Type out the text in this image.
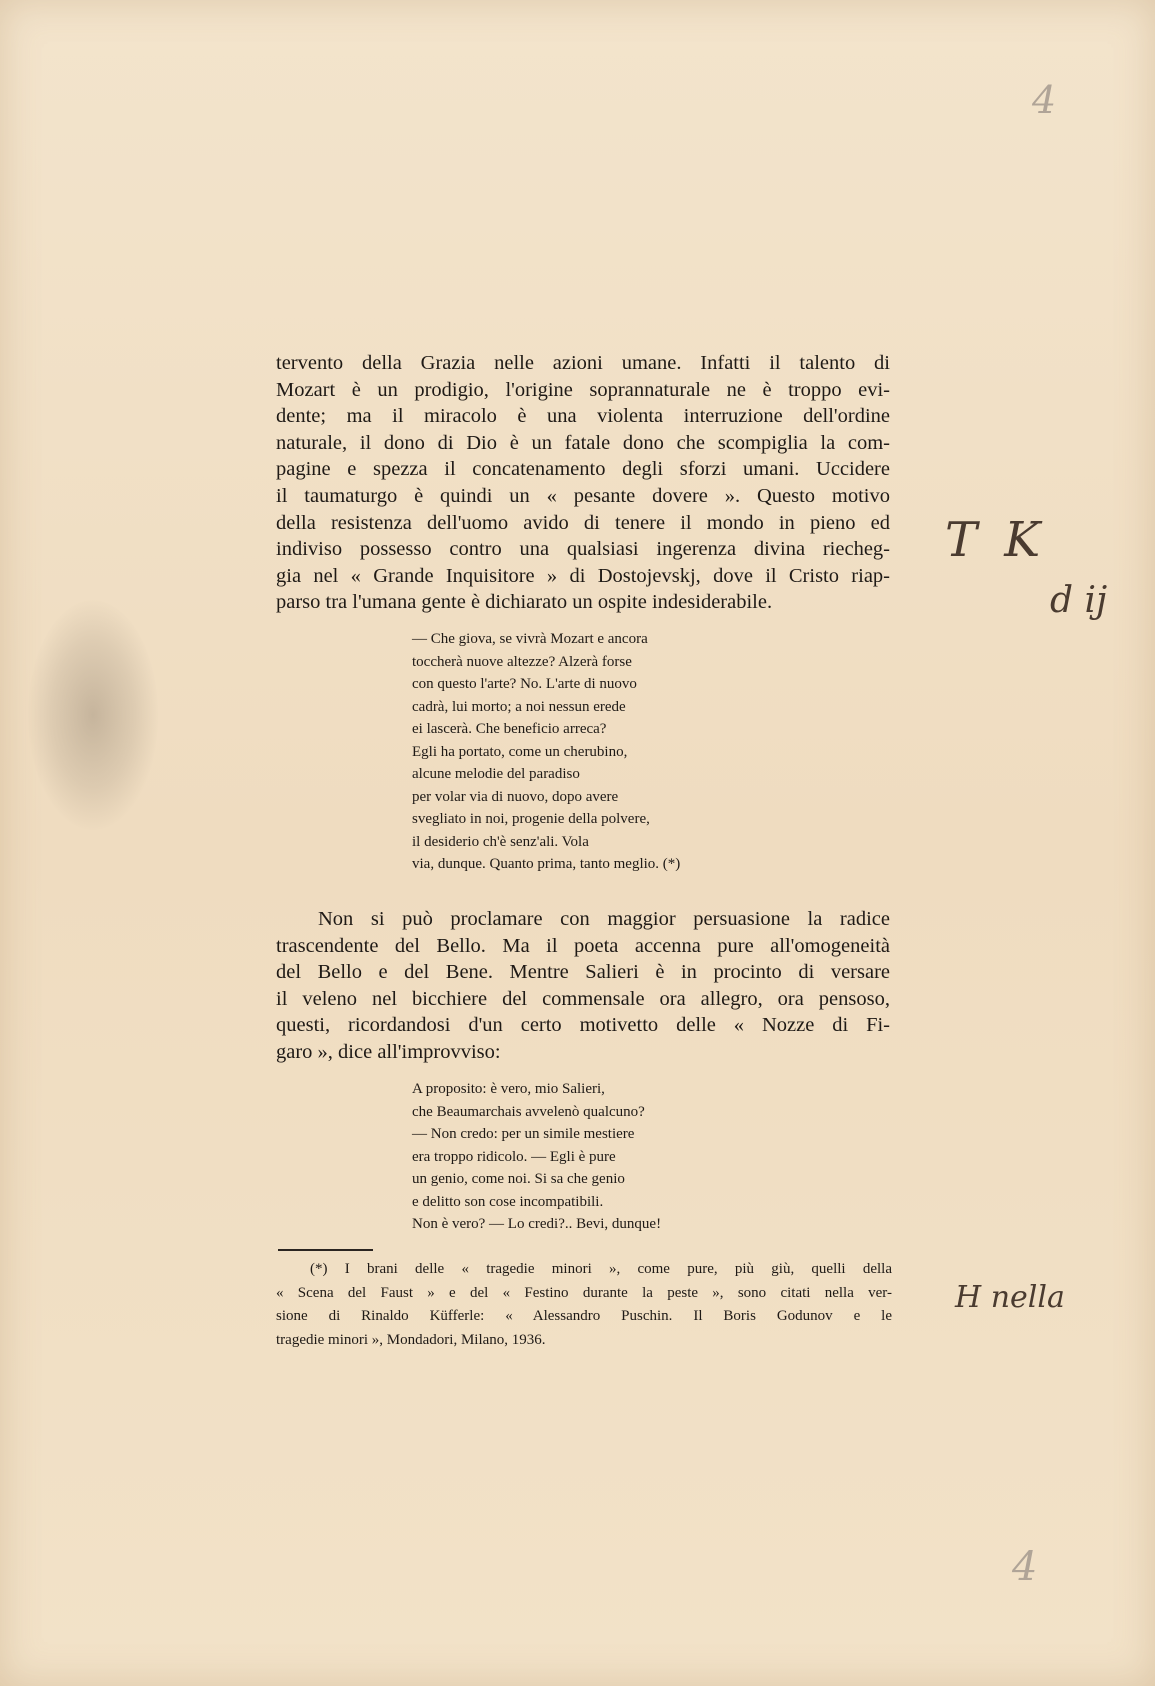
4
tervento della Grazia nelle azioni umane. Infatti il talento di
Mozart è un prodigio, l'origine soprannaturale ne è troppo evi-
dente; ma il miracolo è una violenta interruzione dell'ordine
naturale, il dono di Dio è un fatale dono che scompiglia la com-
pagine e spezza il concatenamento degli sforzi umani. Uccidere
il taumaturgo è quindi un « pesante dovere ». Questo motivo
della resistenza dell'uomo avido di tenere il mondo in pieno ed
indiviso possesso contro una qualsiasi ingerenza divina riecheg-
gia nel « Grande Inquisitore » di Dostojevskj, dove il Cristo riap-
parso tra l'umana gente è dichiarato un ospite indesiderabile.
T K
d ij
— Che giova, se vivrà Mozart e ancora
toccherà nuove altezze? Alzerà forse
con questo l'arte? No. L'arte di nuovo
cadrà, lui morto; a noi nessun erede
ei lascerà. Che beneficio arreca?
Egli ha portato, come un cherubino,
alcune melodie del paradiso
per volar via di nuovo, dopo avere
svegliato in noi, progenie della polvere,
il desiderio ch'è senz'ali. Vola
via, dunque. Quanto prima, tanto meglio. (*)
Non si può proclamare con maggior persuasione la radice
trascendente del Bello. Ma il poeta accenna pure all'omogeneità
del Bello e del Bene. Mentre Salieri è in procinto di versare
il veleno nel bicchiere del commensale ora allegro, ora pensoso,
questi, ricordandosi d'un certo motivetto delle « Nozze di Fi-
garo », dice all'improvviso:
A proposito: è vero, mio Salieri,
che Beaumarchais avvelenò qualcuno?
— Non credo: per un simile mestiere
era troppo ridicolo. — Egli è pure
un genio, come noi. Si sa che genio
e delitto son cose incompatibili.
Non è vero? — Lo credi?.. Bevi, dunque!
(*) I brani delle « tragedie minori », come pure, più giù, quelli della
« Scena del Faust » e del « Festino durante la peste », sono citati nella ver-
sione di Rinaldo Küfferle: « Alessandro Puschin. Il Boris Godunov e le
tragedie minori », Mondadori, Milano, 1936.
H nella
4
